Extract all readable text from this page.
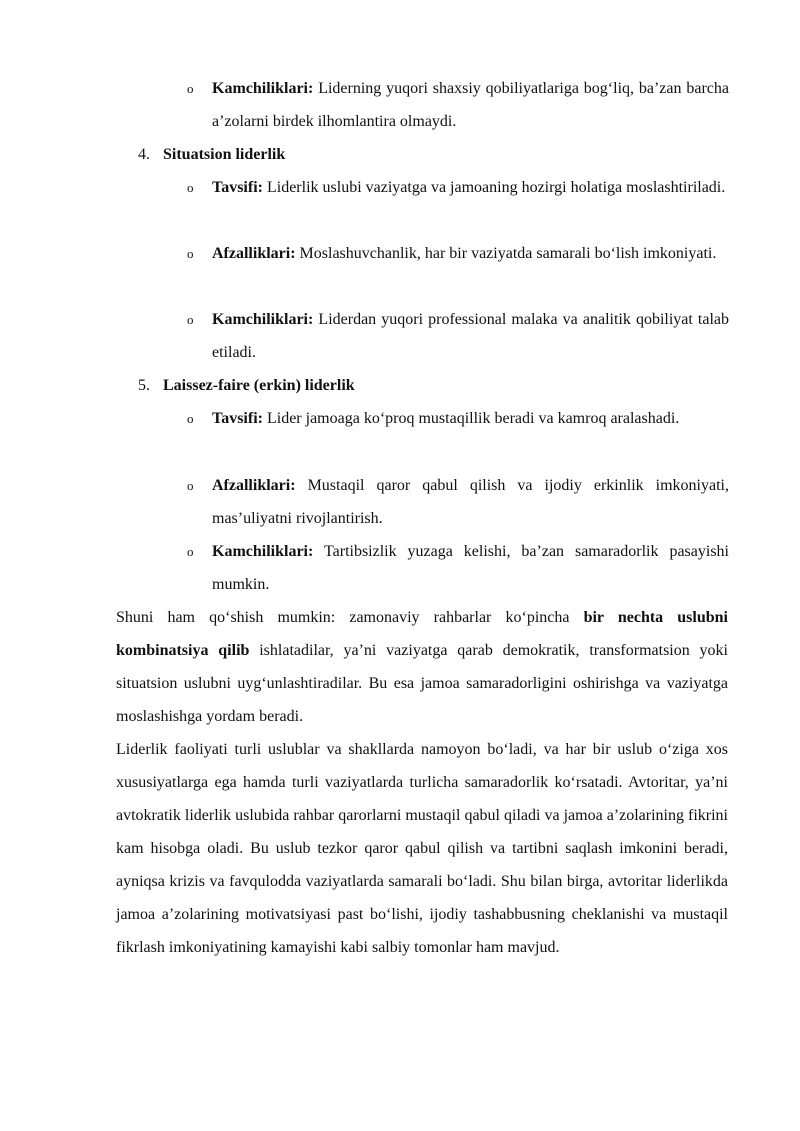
o Kamchiliklari: Liderning yuqori shaxsiy qobiliyatlariga bog‘liq, ba’zan barcha a’zolarni birdek ilhomlantira olmaydi.
4. Situatsion liderlik
o Tavsifi: Liderlik uslubi vaziyatga va jamoaning hozirgi holatiga moslashtiriladi.
o Afzalliklari: Moslashuvchanlik, har bir vaziyatda samarali bo‘lish imkoniyati.
o Kamchiliklari: Liderdan yuqori professional malaka va analitik qobiliyat talab etiladi.
5. Laissez-faire (erkin) liderlik
o Tavsifi: Lider jamoaga ko‘proq mustaqillik beradi va kamroq aralashadi.
o Afzalliklari: Mustaqil qaror qabul qilish va ijodiy erkinlik imkoniyati, mas’uliyatni rivojlantirish.
o Kamchiliklari: Tartibsizlik yuzaga kelishi, ba’zan samaradorlik pasayishi mumkin.
Shuni ham qo‘shish mumkin: zamonaviy rahbarlar ko‘pincha bir nechta uslubni kombinatsiya qilib ishlatadilar, ya’ni vaziyatga qarab demokratik, transformatsion yoki situatsion uslubni uyg‘unlashtiradilar. Bu esa jamoa samaradorligini oshirishga va vaziyatga moslashishga yordam beradi.
Liderlik faoliyati turli uslublar va shakllarda namoyon bo‘ladi, va har bir uslub o‘ziga xos xususiyatlarga ega hamda turli vaziyatlarda turlicha samaradorlik ko‘rsatadi. Avtoritar, ya’ni avtokratik liderlik uslubida rahbar qarorlarni mustaqil qabul qiladi va jamoa a’zolarining fikrini kam hisobga oladi. Bu uslub tezkor qaror qabul qilish va tartibni saqlash imkonini beradi, ayniqsa krizis va favqulodda vaziyatlarda samarali bo‘ladi. Shu bilan birga, avtoritar liderlikda jamoa a’zolarining motivatsiyasi past bo‘lishi, ijodiy tashabbusning cheklanishi va mustaqil fikrlash imkoniyatining kamayishi kabi salbiy tomonlar ham mavjud.
